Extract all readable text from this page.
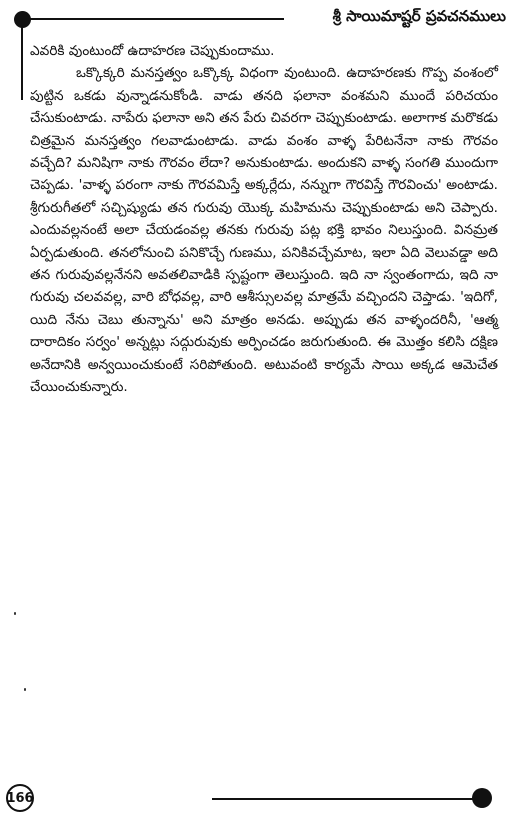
శ్రీ సాయిమాష్టర్ ప్రవచనములు

ఎవరికి వుంటుందో ఉదాహరణ చెప్పుకుందాము.

ఒక్కొక్కరి మనస్తత్వం ఒక్కొక్క విధంగా వుంటుంది. ఉదాహరణకు గొప్ప వంశంలో పుట్టిన ఒకడు వున్నాడనుకోండి. వాడు తనది ఫలానా వంశమని ముందే పరిచయం చేసుకుంటాడు. నాపేరు ఫలానా అని తన పేరు చివరగా చెప్పుకుంటాడు. అలాగాక మరొకడు చిత్రమైన మనస్తత్వం గలవాడుంటాడు. వాడు వంశం వాళ్ళ పేరిటనేనా నాకు గౌరవం వచ్చేది? మనిషిగా నాకు గౌరవం లేదా? అనుకుంటాడు. అందుకని వాళ్ళ సంగతి ముందుగా చెప్పడు. 'వాళ్ళ పరంగా నాకు గౌరవమిస్తే అక్కర్లేదు, నన్నుగా గౌరవిస్తే గౌరవించు' అంటాడు. శ్రీగురుగీతలో సచ్చిష్యుడు తన గురువు యొక్క మహిమను చెప్పుకుంటాడు అని చెప్పారు. ఎందువల్లనంటే అలా చేయడంవల్ల తనకు గురువు పట్ల భక్తి భావం నిలుస్తుంది. వినమ్రత ఏర్పడుతుంది. తనలోనుంచి పనికొచ్చే గుణము, పనికివచ్చేమాట, ఇలా ఏది వెలువడ్డా అది తన గురువువల్లనేనని అవతలివాడికి స్పష్టంగా తెలుస్తుంది. ఇది నా స్వంతంగాదు, ఇది నా గురువు చలవవల్ల, వారి బోధవల్ల, వారి ఆశీస్సులవల్ల మాత్రమే వచ్చిందని చెప్తాడు. 'ఇదిగో, యిది నేను చెబు తున్నాను' అని మాత్రం అనడు. అప్పుడు తన వాళ్ళందరినీ, 'ఆత్మ దారాదికం సర్వం' అన్నట్లు సద్గురువుకు అర్పించడం జరుగుతుంది. ఈ మొత్తం కలిసి దక్షిణ అనేదానికి అన్వయించుకుంటే సరిపోతుంది. అటువంటి కార్యమే సాయి అక్కడ ఆమెచేత చేయించుకున్నారు.

166
